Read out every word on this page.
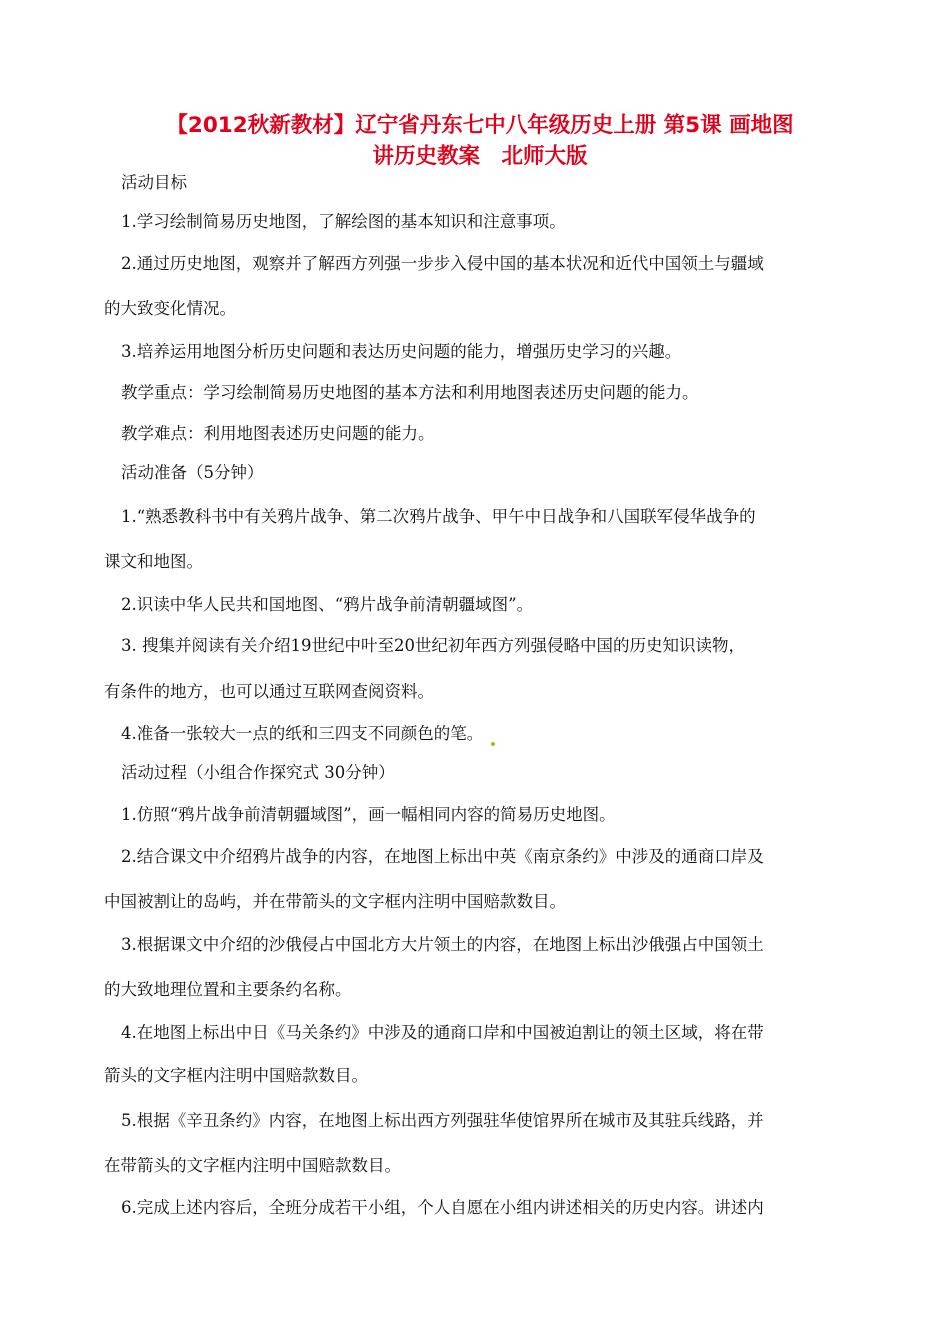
【2012秋新教材】辽宁省丹东七中八年级历史上册 第5课 画地图
讲历史教案　北师大版
活动目标
1.学习绘制简易历史地图，了解绘图的基本知识和注意事项。
2.通过历史地图，观察并了解西方列强一步步入侵中国的基本状况和近代中国领土与疆域
的大致变化情况。
3.培养运用地图分析历史问题和表达历史问题的能力，增强历史学习的兴趣。
教学重点：学习绘制简易历史地图的基本方法和利用地图表述历史问题的能力。
教学难点：利用地图表述历史问题的能力。
活动准备（5分钟）
1.“熟悉教科书中有关鸦片战争、第二次鸦片战争、甲午中日战争和八国联军侵华战争的
课文和地图。
2.识读中华人民共和国地图、“鸦片战争前清朝疆域图”。
3. 搜集并阅读有关介绍19世纪中叶至20世纪初年西方列强侵略中国的历史知识读物，
有条件的地方，也可以通过互联网查阅资料。
4.准备一张较大一点的纸和三四支不同颜色的笔。
活动过程（小组合作探究式 30分钟）
1.仿照“鸦片战争前清朝疆域图”，画一幅相同内容的简易历史地图。
2.结合课文中介绍鸦片战争的内容，在地图上标出中英《南京条约》中涉及的通商口岸及
中国被割让的岛屿，并在带箭头的文字框内注明中国赔款数目。
3.根据课文中介绍的沙俄侵占中国北方大片领土的内容，在地图上标出沙俄强占中国领土
的大致地理位置和主要条约名称。
4.在地图上标出中日《马关条约》中涉及的通商口岸和中国被迫割让的领土区域，将在带
箭头的文字框内注明中国赔款数目。
5.根据《辛丑条约》内容，在地图上标出西方列强驻华使馆界所在城市及其驻兵线路，并
在带箭头的文字框内注明中国赔款数目。
6.完成上述内容后，全班分成若干小组，个人自愿在小组内讲述相关的历史内容。讲述内
